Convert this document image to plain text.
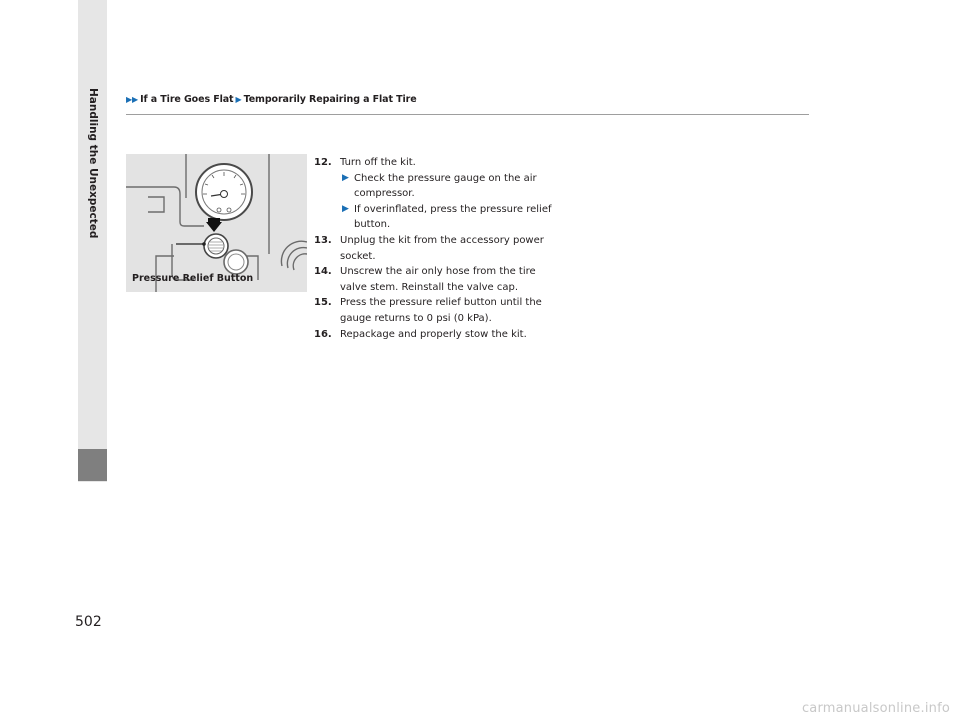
Handling the Unexpected	▶▶ If a Tire Goes Flat ▶ Temporarily Repairing a Flat Tire
Pressure Relief Button
12. Turn off the kit.
▶ Check the pressure gauge on the air
compressor.
▶ If overinflated, press the pressure relief
button.
13. Unplug the kit from the accessory power
socket.
14. Unscrew the air only hose from the tire
valve stem. Reinstall the valve cap.
15. Press the pressure relief button until the
gauge returns to 0 psi (0 kPa).
16. Repackage and properly stow the kit.
502
carmanualsonline.info
